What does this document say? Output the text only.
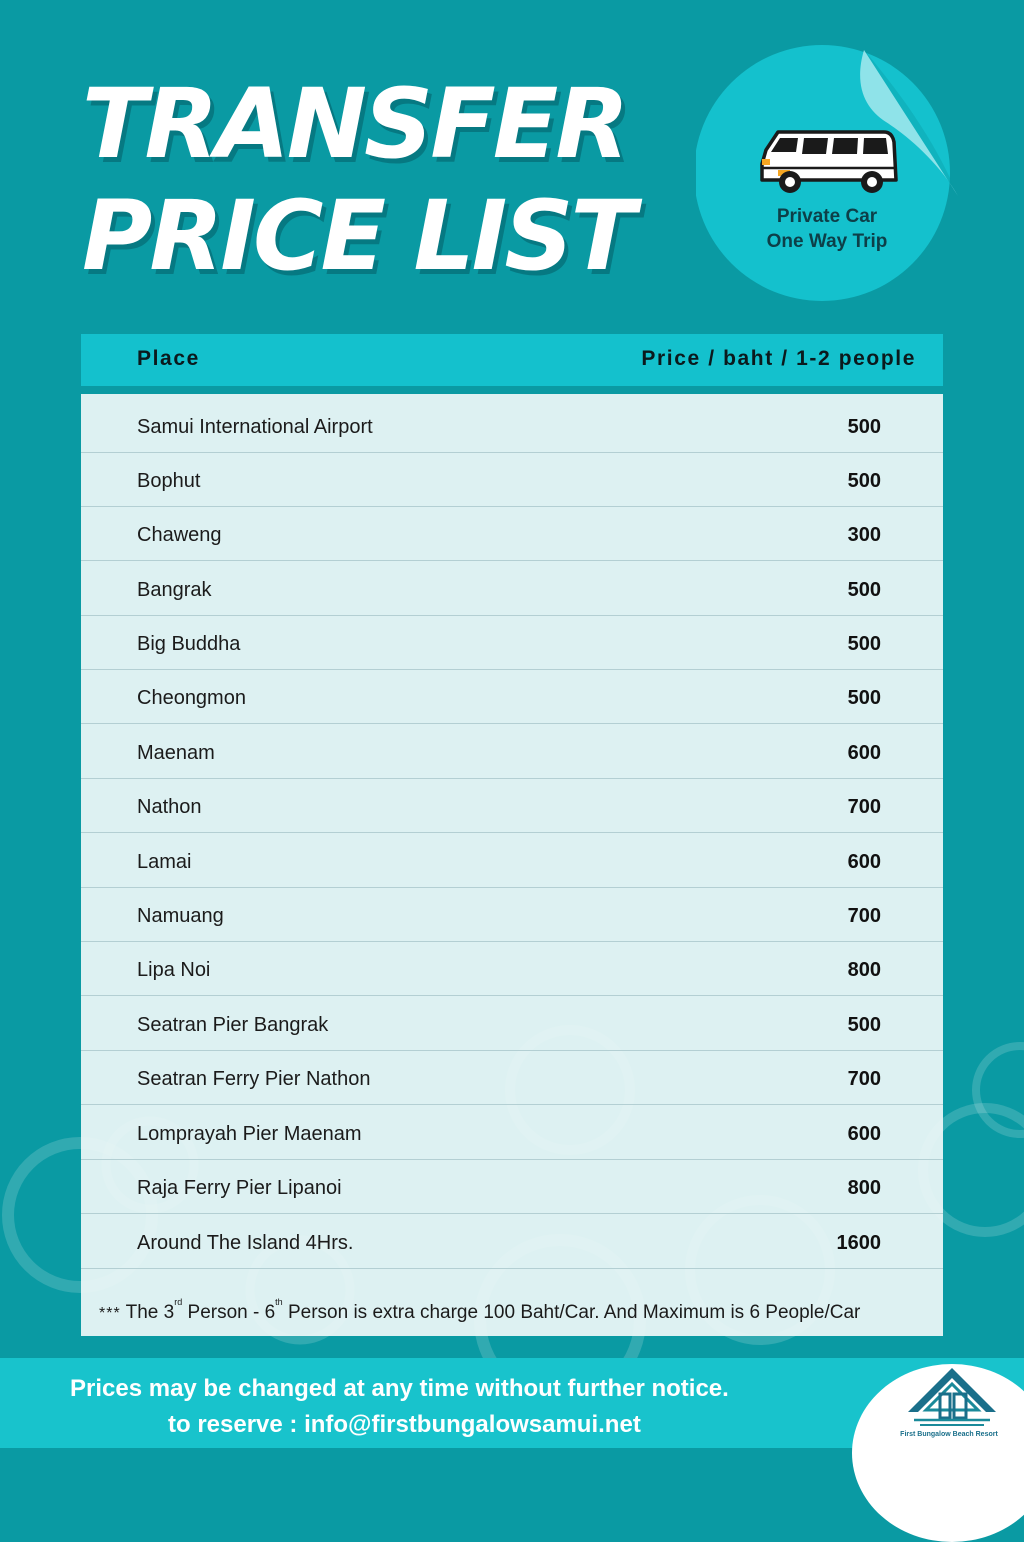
TRANSFER
PRICE LIST	Private Car
One Way Trip
Place	Price / baht / 1-2 people
Samui International Airport	500
Bophut	500
Chaweng	300
Bangrak	500
Big Buddha	500
Cheongmon	500
Maenam	600
Nathon	700
Lamai	600
Namuang	700
Lipa Noi	800
Seatran Pier Bangrak	500
Seatran Ferry Pier Nathon	700
Lomprayah Pier Maenam	600
Raja Ferry Pier Lipanoi	800
Around The Island 4Hrs.	1600
*** The 3rd Person - 6th Person is extra charge 100 Baht/Car. And Maximum is 6 People/Car
Prices may be changed at any time without further notice.
to reserve : info@firstbungalowsamui.net	First Bungalow Beach Resort
